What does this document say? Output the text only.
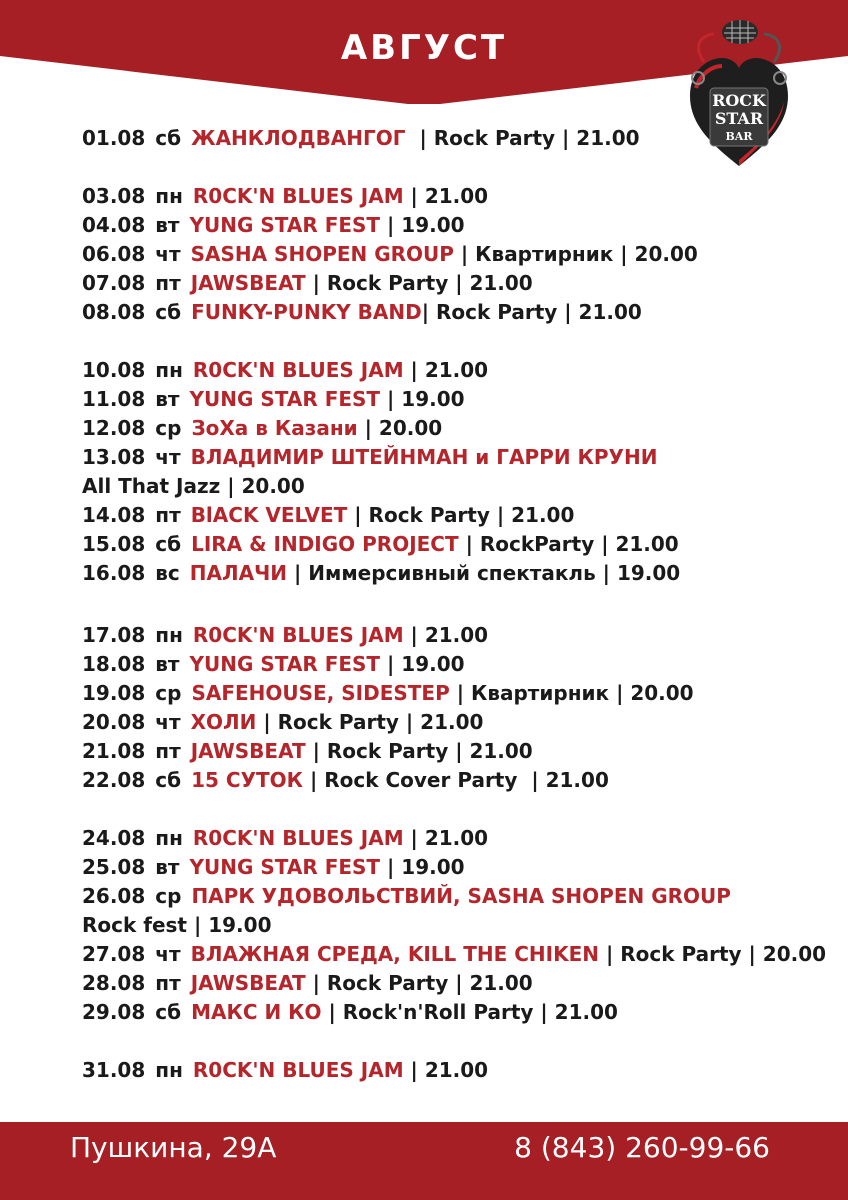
АВГУСТ
ROCK
STAR
BAR
01.08 сб ЖАНКЛОДВАНГОГ  | Rock Party | 21.00
03.08 пн R0CK'N BLUES JAM | 21.00
04.08 вт YUNG STAR FEST | 19.00
06.08 чт SASHA SHOPEN GROUP | Квартирник | 20.00
07.08 пт JAWSBEAT | Rock Party | 21.00
08.08 сб FUNKY-PUNKY BAND| Rock Party | 21.00
10.08 пн R0CK'N BLUES JAM | 21.00
11.08 вт YUNG STAR FEST | 19.00
12.08 ср ЗоХа в Казани | 20.00
13.08 чт ВЛАДИМИР ШТЕЙНМАН и ГАРРИ КРУНИ
All That Jazz | 20.00
14.08 пт BlACK VELVET | Rock Party | 21.00
15.08 сб LIRA & INDIGO PROJECT | RockParty | 21.00
16.08 вс ПАЛАЧИ | Иммерсивный спектакль | 19.00
17.08 пн R0CK'N BLUES JAM | 21.00
18.08 вт YUNG STAR FEST | 19.00
19.08 ср SAFEHOUSE, SIDESTEP | Квартирник | 20.00
20.08 чт ХОЛИ | Rock Party | 21.00
21.08 пт JAWSBEAT | Rock Party | 21.00
22.08 сб 15 СУТОК | Rock Cover Party  | 21.00
24.08 пн R0CK'N BLUES JAM | 21.00
25.08 вт YUNG STAR FEST | 19.00
26.08 ср ПАРК УДОВОЛЬСТВИЙ, SASHA SHOPEN GROUP
Rock fest | 19.00
27.08 чт ВЛАЖНАЯ СРЕДА, KILL THE CHIKEN | Rock Party | 20.00
28.08 пт JAWSBEAT | Rock Party | 21.00
29.08 сб МАКС И КО | Rock'n'Roll Party | 21.00
31.08 пн R0CK'N BLUES JAM | 21.00
Пушкина, 29А	8 (843) 260-99-66
